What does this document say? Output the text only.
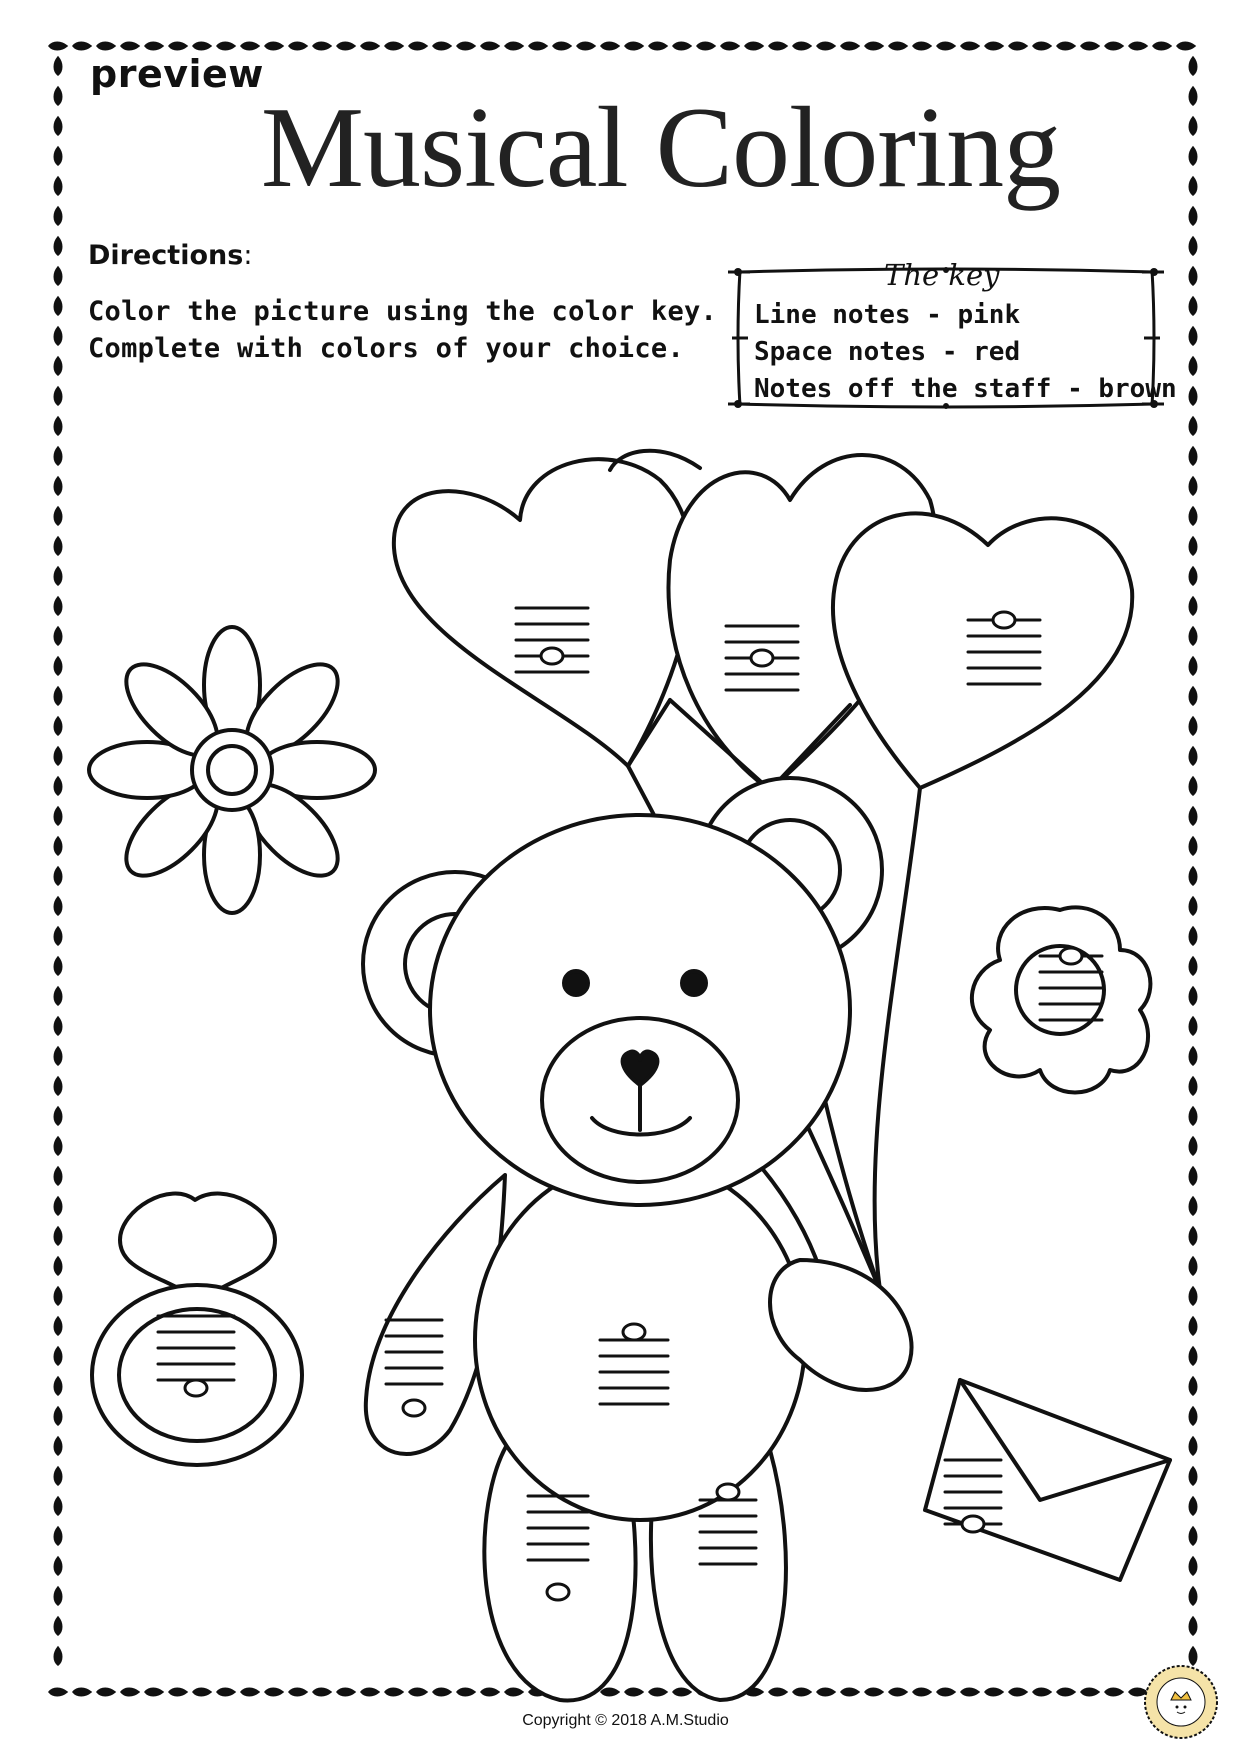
preview
Musical Coloring
Directions:
Color the picture using the color key.
Complete with colors of your choice.
The key
Line notes - pink
Space notes - red
Notes off the staff - brown
Copyright © 2018 A.M.Studio
